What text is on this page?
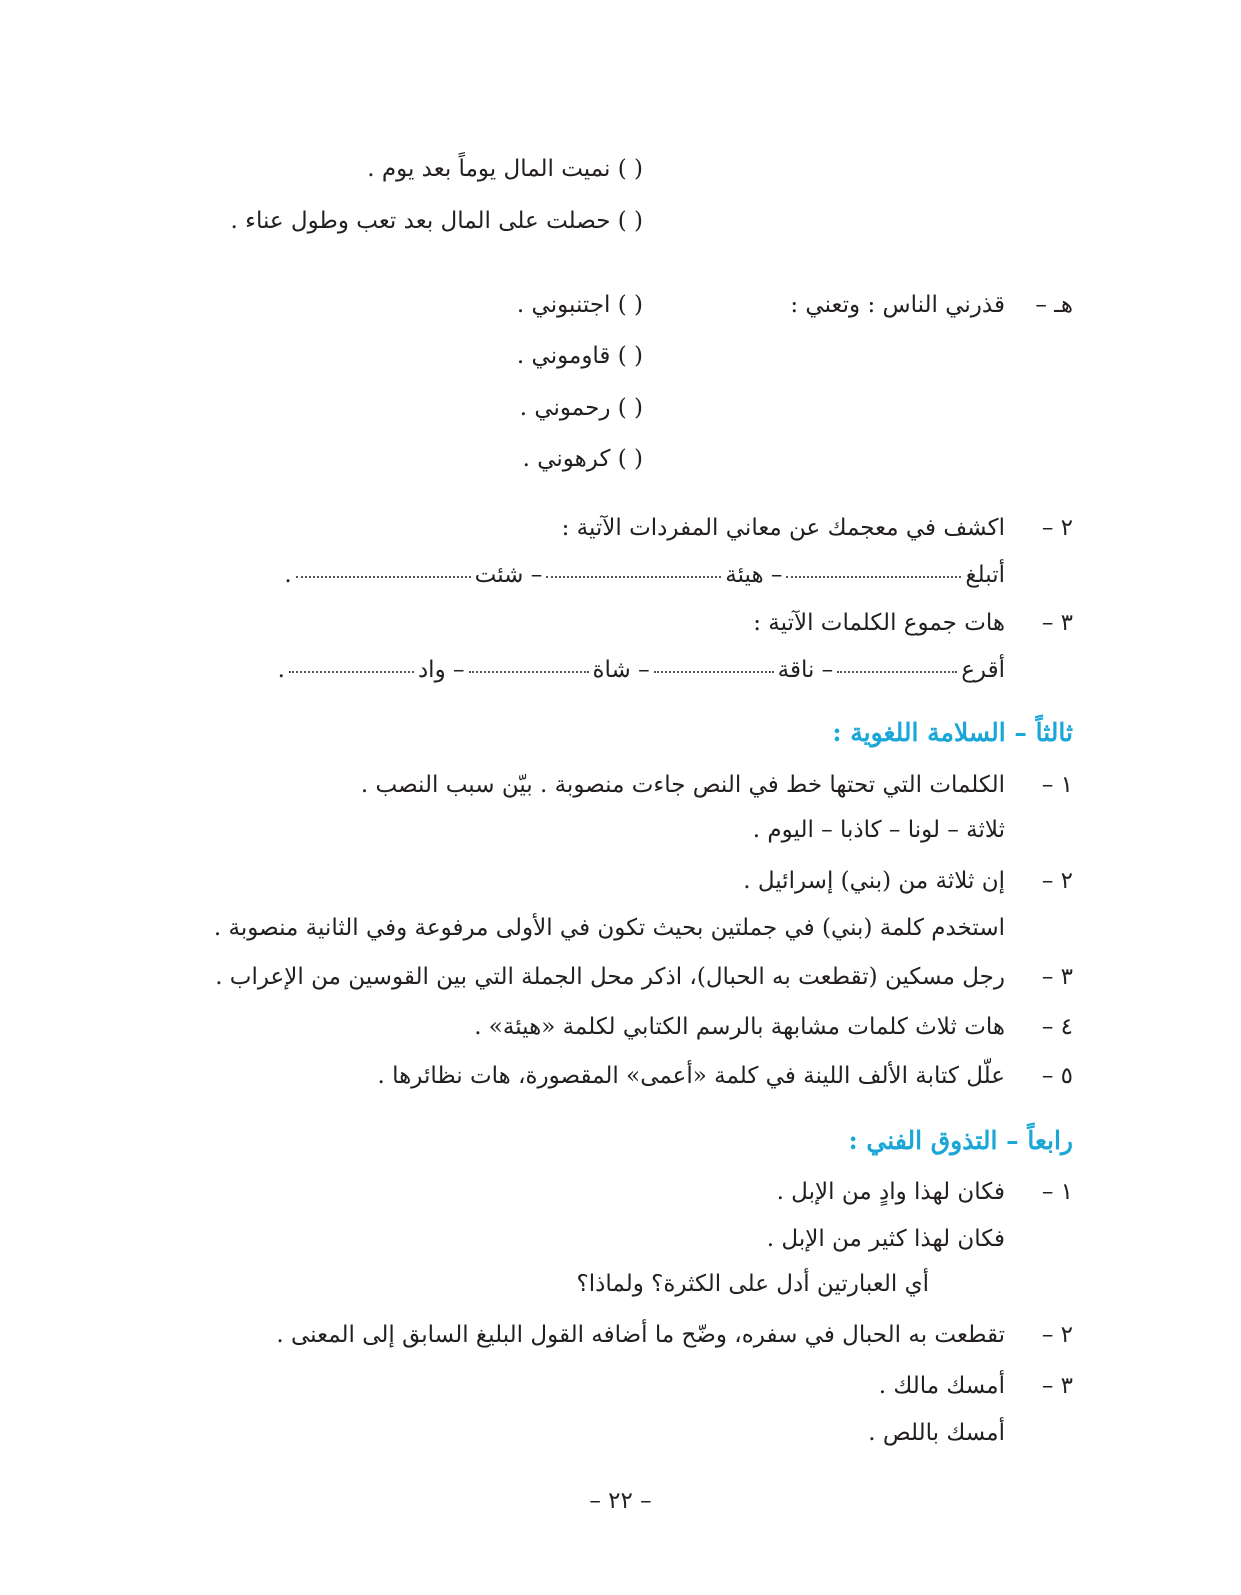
( ) نميت المال يوماً بعد يوم .
( ) حصلت على المال بعد تعب وطول عناء .
هـ –
قذرني الناس : وتعني :
( ) اجتنبوني .
( ) قاوموني .
( ) رحموني .
( ) كرهوني .
٢ –
اكشف في معجمك عن معاني المفردات الآتية :
أتبلغ– هيئة– شئت.
٣ –
هات جموع الكلمات الآتية :
أقرع– ناقة– شاة– واد.
ثالثاً – السلامة اللغوية :
١ –
الكلمات التي تحتها خط في النص جاءت منصوبة . بيّن سبب النصب .
ثلاثة – لونا – كاذبا – اليوم .
٢ –
إن ثلاثة من (بني) إسرائيل .
استخدم كلمة (بني) في جملتين بحيث تكون في الأولى مرفوعة وفي الثانية منصوبة .
٣ –
رجل مسكين (تقطعت به الحبال)، اذكر محل الجملة التي بين القوسين من الإعراب .
٤ –
هات ثلاث كلمات مشابهة بالرسم الكتابي لكلمة «هيئة» .
٥ –
علّل كتابة الألف اللينة في كلمة «أعمى» المقصورة، هات نظائرها .
رابعاً – التذوق الفني :
١ –
فكان لهذا وادٍ من الإبل .
فكان لهذا كثير من الإبل .
أي العبارتين أدل على الكثرة؟ ولماذا؟
٢ –
تقطعت به الحبال في سفره، وضّح ما أضافه القول البليغ السابق إلى المعنى .
٣ –
أمسك مالك .
أمسك باللص .
– ٢٢ –
